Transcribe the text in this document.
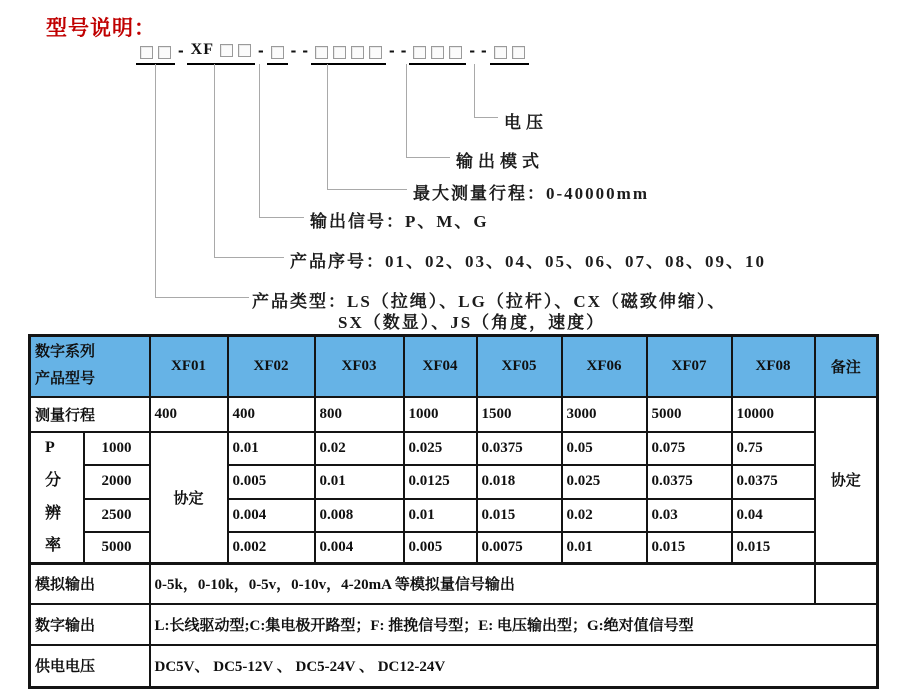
型号说明：
- XF	- - -	- -	- -
电压
输出模式
最大测量行程：0-40000mm
输出信号：P、M、G
产品序号：01、02、03、04、05、06、07、08、09、10
产品类型：LS（拉绳）、LG（拉杆）、CX（磁致伸缩）、
SX（数显）、JS（角度，速度）
数字系列
产品型号		XF01	XF02	XF03	XF04	XF05	XF06	XF07	XF08	备注
测量行程		400	400	800	1000	1500	3000	5000	10000	协定

P
分
辨
率	1000	协定	0.01	0.02	0.025	0.0375	0.05	0.075	0.75	
	2000		0.005	0.01	0.0125	0.018	0.025	0.0375	0.0375	
	2500		0.004	0.008	0.01	0.015	0.02	0.03	0.04	
	5000		0.002	0.004	0.005	0.0075	0.01	0.015	0.015	
模拟输出		0-5k，0-10k，0-5v，0-10v，4-20mA 等模拟量信号输出								
数字输出		L:长线驱动型;C:集电极开路型；F: 推挽信号型；E: 电压输出型；G:绝对值信号型								
供电电压		DC5V、 DC5-12V 、 DC5-24V 、 DC12-24V								
